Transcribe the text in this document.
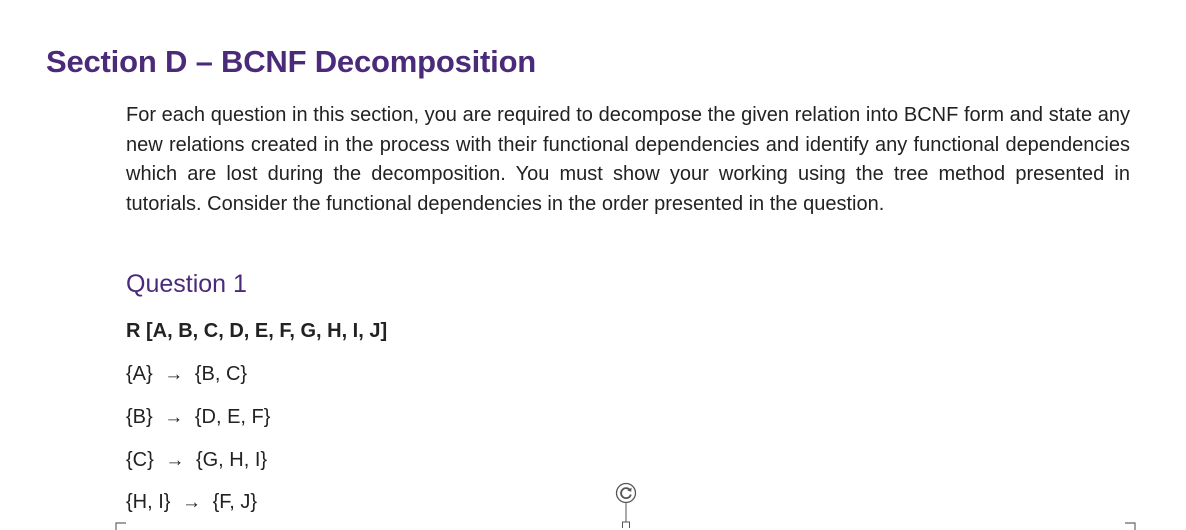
Section D – BCNF Decomposition

For each question in this section, you are required to decompose the given relation into BCNF form and state any new relations created in the process with their functional dependencies and identify any functional dependencies which are lost during the decomposition. You must show your working using the tree method presented in tutorials. Consider the functional dependencies in the order presented in the question.

Question 1

R [A, B, C, D, E, F, G, H, I, J]

{A} → {B, C}

{B} → {D, E, F}

{C} → {G, H, I}

{H, I} → {F, J}
